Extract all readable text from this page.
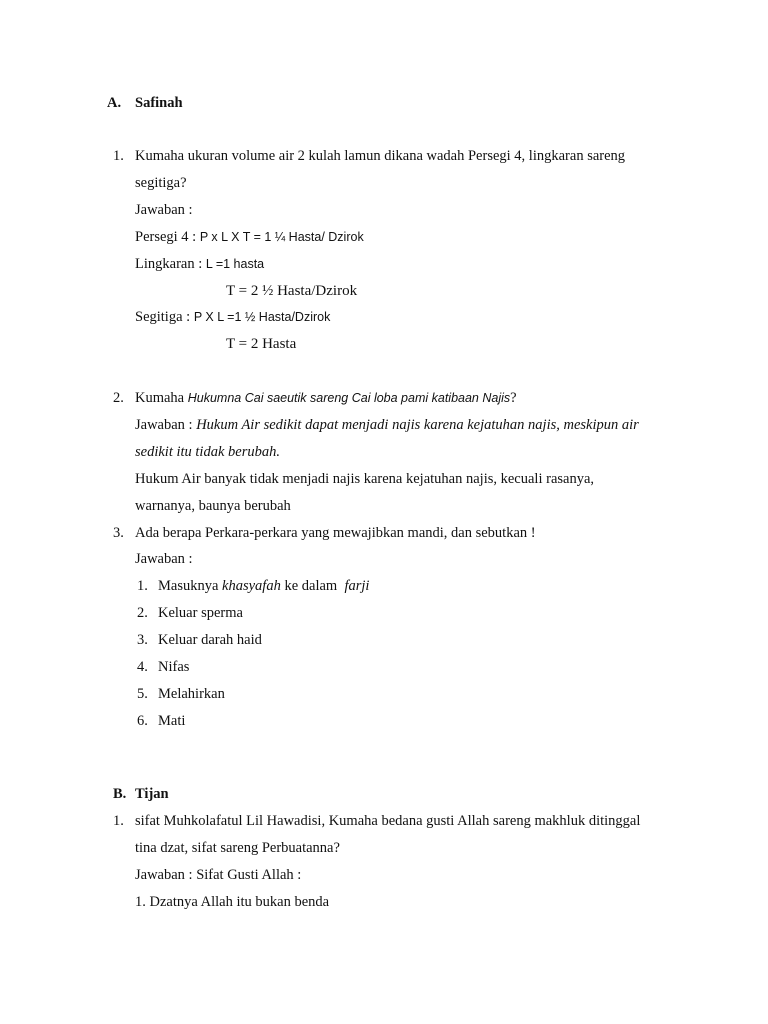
A. Safinah
1. Kumaha ukuran volume air 2 kulah lamun dikana wadah Persegi 4, lingkaran sareng
segitiga?
Jawaban :
Persegi 4 : P x L X T = 1 ¼ Hasta/ Dzirok
Lingkaran : L =1 hasta
T = 2 ½ Hasta/Dzirok
Segitiga : P X L =1 ½ Hasta/Dzirok
T = 2 Hasta
2. Kumaha Hukumna Cai saeutik sareng Cai loba pami katibaan Najis?
Jawaban : Hukum Air sedikit dapat menjadi najis karena kejatuhan najis, meskipun air
sedikit itu tidak berubah.
Hukum Air banyak tidak menjadi najis karena kejatuhan najis, kecuali rasanya,
warnanya, baunya berubah
3. Ada berapa Perkara-perkara yang mewajibkan mandi, dan sebutkan !
Jawaban :
1. Masuknya khasyafah ke dalam  farji
2. Keluar sperma
3. Keluar darah haid
4. Nifas
5. Melahirkan
6. Mati
B. Tijan
1. sifat Muhkolafatul Lil Hawadisi, Kumaha bedana gusti Allah sareng makhluk ditinggal
tina dzat, sifat sareng Perbuatanna?
Jawaban : Sifat Gusti Allah :
1. Dzatnya Allah itu bukan benda
